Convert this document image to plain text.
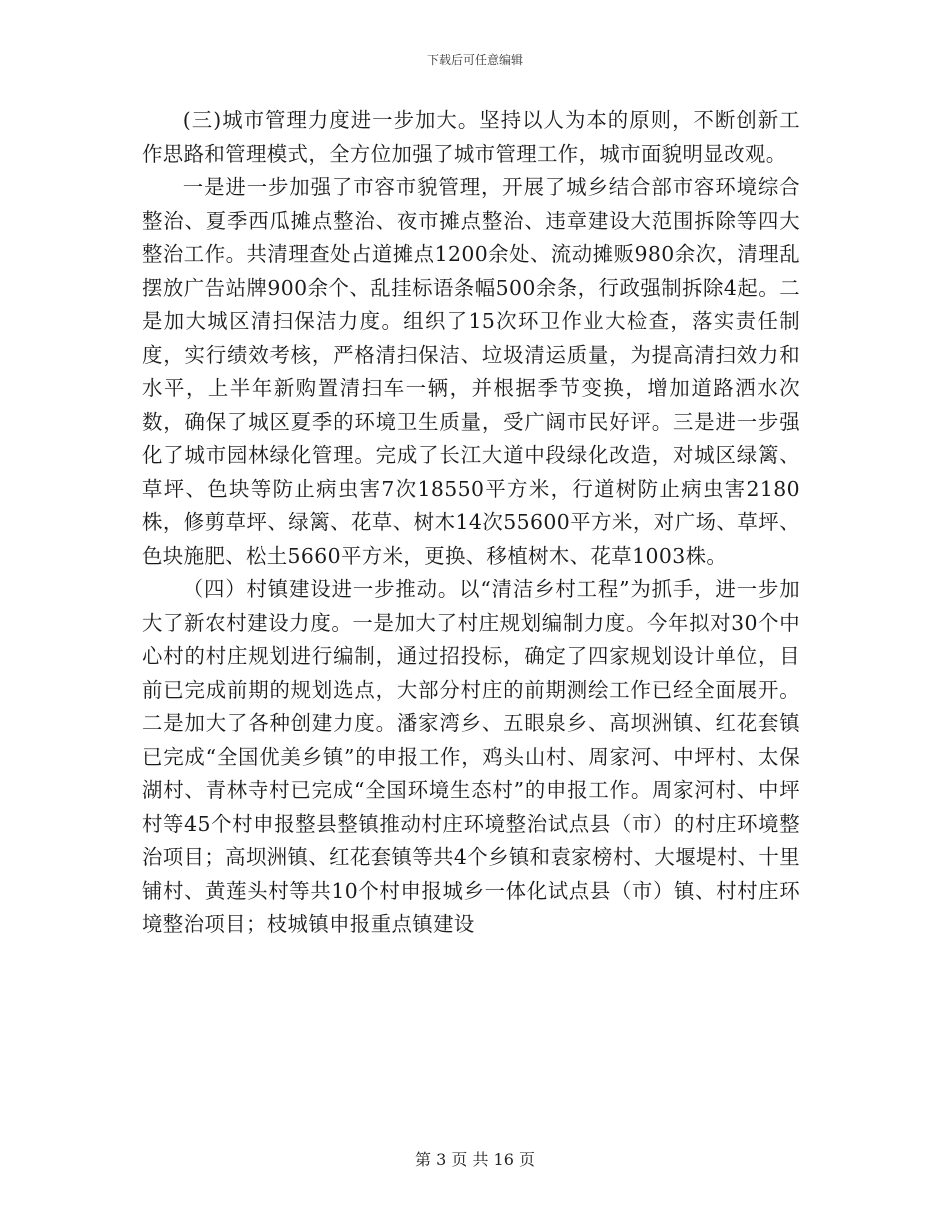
下载后可任意编辑

(三)城市管理力度进一步加大。坚持以人为本的原则，不断创新工作思路和管理模式，全方位加强了城市管理工作，城市面貌明显改观。

一是进一步加强了市容市貌管理，开展了城乡结合部市容环境综合整治、夏季西瓜摊点整治、夜市摊点整治、违章建设大范围拆除等四大整治工作。共清理查处占道摊点1200余处、流动摊贩980余次，清理乱摆放广告站牌900余个、乱挂标语条幅500余条，行政强制拆除4起。二是加大城区清扫保洁力度。组织了15次环卫作业大检查，落实责任制度，实行绩效考核，严格清扫保洁、垃圾清运质量，为提高清扫效力和水平，上半年新购置清扫车一辆，并根据季节变换，增加道路洒水次数，确保了城区夏季的环境卫生质量，受广阔市民好评。三是进一步强化了城市园林绿化管理。完成了长江大道中段绿化改造，对城区绿篱、草坪、色块等防止病虫害7次18550平方米，行道树防止病虫害2180株，修剪草坪、绿篱、花草、树木14次55600平方米，对广场、草坪、色块施肥、松土5660平方米，更换、移植树木、花草1003株。

（四）村镇建设进一步推动。以“清洁乡村工程”为抓手，进一步加大了新农村建设力度。一是加大了村庄规划编制力度。今年拟对30个中心村的村庄规划进行编制，通过招投标，确定了四家规划设计单位，目前已完成前期的规划选点，大部分村庄的前期测绘工作已经全面展开。二是加大了各种创建力度。潘家湾乡、五眼泉乡、高坝洲镇、红花套镇已完成“全国优美乡镇”的申报工作，鸡头山村、周家河、中坪村、太保湖村、青林寺村已完成“全国环境生态村”的申报工作。周家河村、中坪村等45个村申报整县整镇推动村庄环境整治试点县（市）的村庄环境整治项目；高坝洲镇、红花套镇等共4个乡镇和袁家榜村、大堰堤村、十里铺村、黄莲头村等共10个村申报城乡一体化试点县（市）镇、村村庄环境整治项目；枝城镇申报重点镇建设

第 3 页 共 16 页
